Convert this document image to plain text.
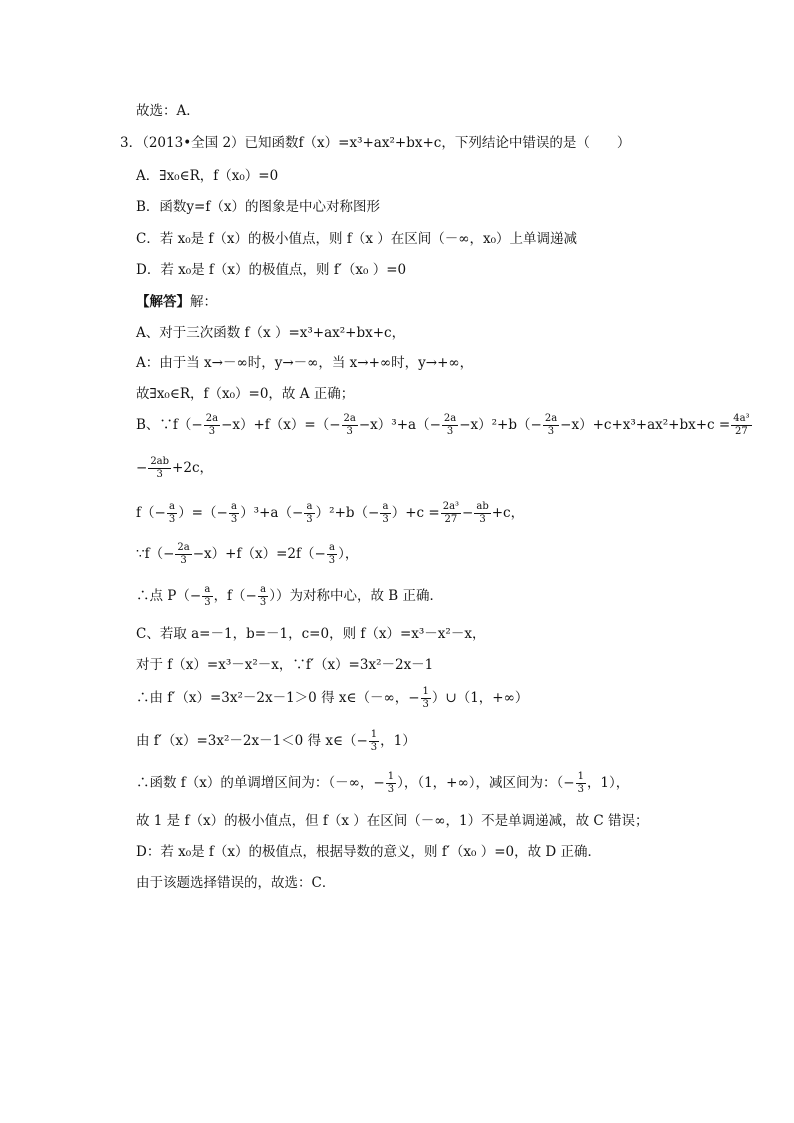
故选：A．
3．（2013•全国 2）已知函数f（x）=x³+ax²+bx+c，下列结论中错误的是（　　）
A．∃x₀∈R，f（x₀）=0
B．函数y=f（x）的图象是中心对称图形
C．若 x₀是 f（x）的极小值点，则 f（x ）在区间（－∞，x₀）上单调递减
D．若 x₀是 f（x）的极值点，则 f′（x₀ ）=0
【解答】解：
A、对于三次函数 f（x ）=x³+ax²+bx+c，
A：由于当 x→－∞时，y→－∞，当 x→+∞时，y→+∞，
故∃x₀∈R，f（x₀）=0，故 A 正确；
B、∵f（− $\frac{2a}{3} -x)+f(x)=(- \frac{2a}{3} -x)^3+a(- \frac{2a}{3} -x)^2+b(- \frac{2a}{3} -x)+c+x^3+ax^2+bx+c = \frac{\text{4a³}}{27}$
− $\frac{2ab}{3} +2c$，
$f(- \frac{a}{3}$ ）=（− $\frac{a}{3} )^3+a(- \frac{a}{3} )^2+b(- \frac{a}{3} )+c = \frac{\text{2a³}}{27} - \frac{ab}{3} +c$，
∵f（− $\frac{2a}{3} -x)+f(x)=2f(- \frac{a}{3}$ ），
∴点 $P(- \frac{a}{3}$ ，$f(- \frac{a}{3}$ ））为对称中心，故 B 正确．
C、若取 a=－1，b=－1，c=0，则 f（x）=x³－x²－x，
对于 f（x）=x³－x²－x，∵f′（x）=3x²－2x－1
∴由 f′（x）=3x²－2x－1＞0 得 x∈（－∞，− $\frac{1}{3}$ ）∪（1，+∞）
由 f′（x）=3x²－2x－1＜0 得 x∈（− $\frac{1}{3}$ ，1）
∴函数 f（x）的单调增区间为：（－∞，− $\frac{1}{3}$ ），（1，+∞），减区间为：（− $\frac{1}{3}$ ，1），
故 1 是 f（x）的极小值点，但 f（x ）在区间（－∞，1）不是单调递减，故 C 错误；
D：若 x₀是 f（x）的极值点，根据导数的意义，则 f′（x₀ ）=0，故 D 正确．
由于该题选择错误的，故选：C．
